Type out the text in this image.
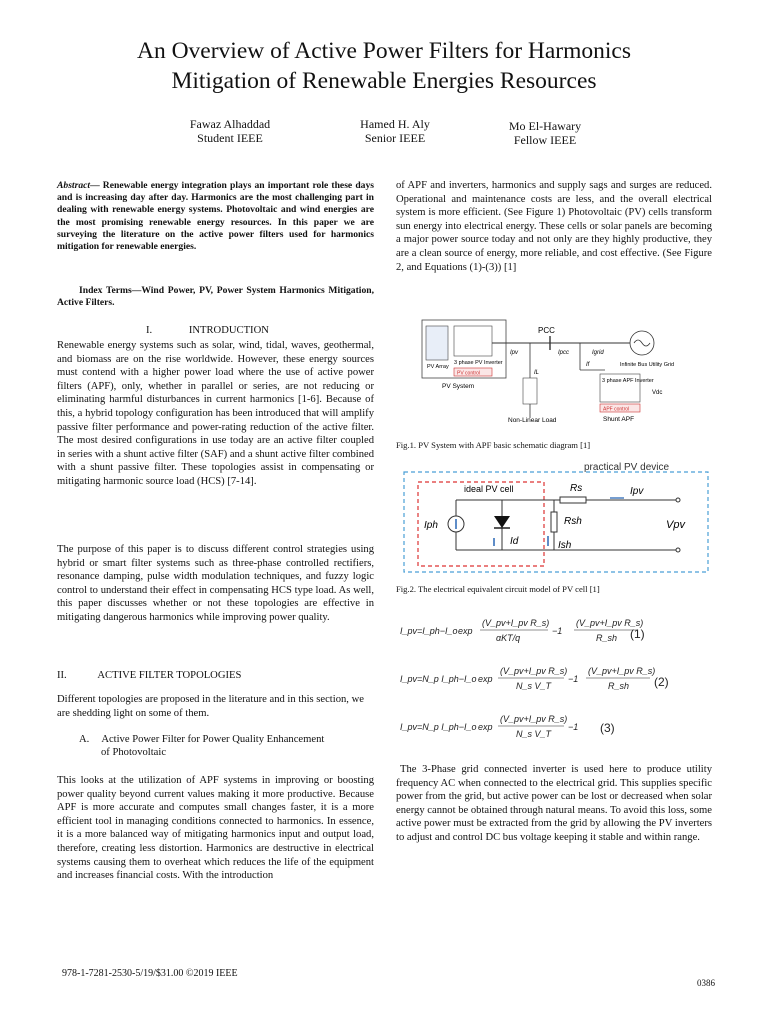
An Overview of Active Power Filters for Harmonics
Mitigation of Renewable Energies Resources
Fawaz Alhaddad
Student IEEE
Hamed H. Aly
Senior IEEE
Mo El-Hawary
Fellow IEEE
Abstract— Renewable energy integration plays an important role these days and is increasing day after day. Harmonics are the most challenging part in dealing with renewable energy systems. Photovoltaic and wind energies are the most promising renewable energy resources. In this paper we are surveying the literature on the active power filters used for harmonics mitigation for renewable energies.
Index Terms—Wind Power, PV, Power System Harmonics Mitigation, Active Filters.
I.	INTRODUCTION
Renewable energy systems such as solar, wind, tidal, waves, geothermal, and biomass are on the rise worldwide. However, these energy sources must contend with a higher power load where the use of active power filters (APF), only, whether in parallel or series, are not reducing or eliminating harmful disturbances in current harmonics [1-6]. Because of this, a hybrid topology configuration has been introduced that will amplify passive filter performance and power-rating reduction of the active filter. The most desired configurations in use today are an active filter coupled in series with a shunt active filter (SAF) and a shunt active filter combined with a shunt passive filter. These topologies assist in compensating or mitigating harmonic source load (HCS) [7-14].
The purpose of this paper is to discuss different control strategies using hybrid or smart filter systems such as three-phase controlled rectifiers, resonance damping, pulse width modulation techniques, and fuzzy logic control to understand their effect in compensating HCS type load. As well, this paper discusses whether or not these topologies are effective in mitigating dangerous harmonics while improving power quality.
II.	ACTIVE FILTER TOPOLOGIES
Different topologies are proposed in the literature and in this section, we are shedding light on some of them.
A. Active Power Filter for Power Quality Enhancement
of Photovoltaic
This looks at the utilization of APF systems in improving or boosting power quality beyond current values making it more productive. Because APF is more accurate and computes small changes faster, it is a more efficient tool in managing conditions connected to harmonics. In essence, it is a more balanced way of mitigating harmonics input and output load, therefore, creating less distortion. Harmonics are destructive in electrical systems causing them to overheat which reduces the life of the equipment and increases financial costs. With the introduction
of APF and inverters, harmonics and supply sags and surges are reduced. Operational and maintenance costs are less, and the overall electrical system is more efficient. (See Figure 1) Photovoltaic (PV) cells transform sun energy into electrical energy. These cells or solar panels are becoming a major power source today and not only are they highly productive, they are a clean source of energy, more reliable, and cost effective. (See Figure 2, and Equations (1)-(3)) [1]
PV Array
3 phase PV Inverter
PV control
PV System
PCC
Ipv	Ipcc	Igrid
Infinite Bus Utility Grid
IL
Non-Linear Load
If
3 phase APF Inverter
APF control
Vdc
Shunt APF
Fig.1. PV System with APF basic schematic diagram [1]
practical PV device
ideal PV cell
Iph
Id
Rs	Ipv
Rsh
Ish
Vpv
Fig.2. The electrical equivalent circuit model of PV cell [1]
I_pv=I_ph−I_o exp
(V_pv+I_pv R_s)
αKT/q
−1
(V_pv+I_pv R_s)
R_sh
I_pv=N_p I_ph−I_o exp
(V_pv+I_pv R_s)
N_s V_T
−1
(V_pv+I_pv R_s)
R_sh
I_pv=N_p I_ph−I_o exp
(V_pv+I_pv R_s)
N_s V_T
−1
(1)
(2)
(3)
The 3-Phase grid connected inverter is used here to produce utility frequency AC when connected to the electrical grid. This supplies specific power from the grid, but active power can be lost or decreased when solar energy cannot be obtained through natural means. To avoid this loss, some active power must be extracted from the grid by allowing the PV inverters to adjust and control DC bus voltage keeping it stable and within range.
978-1-7281-2530-5/19/$31.00 ©2019 IEEE
0386
